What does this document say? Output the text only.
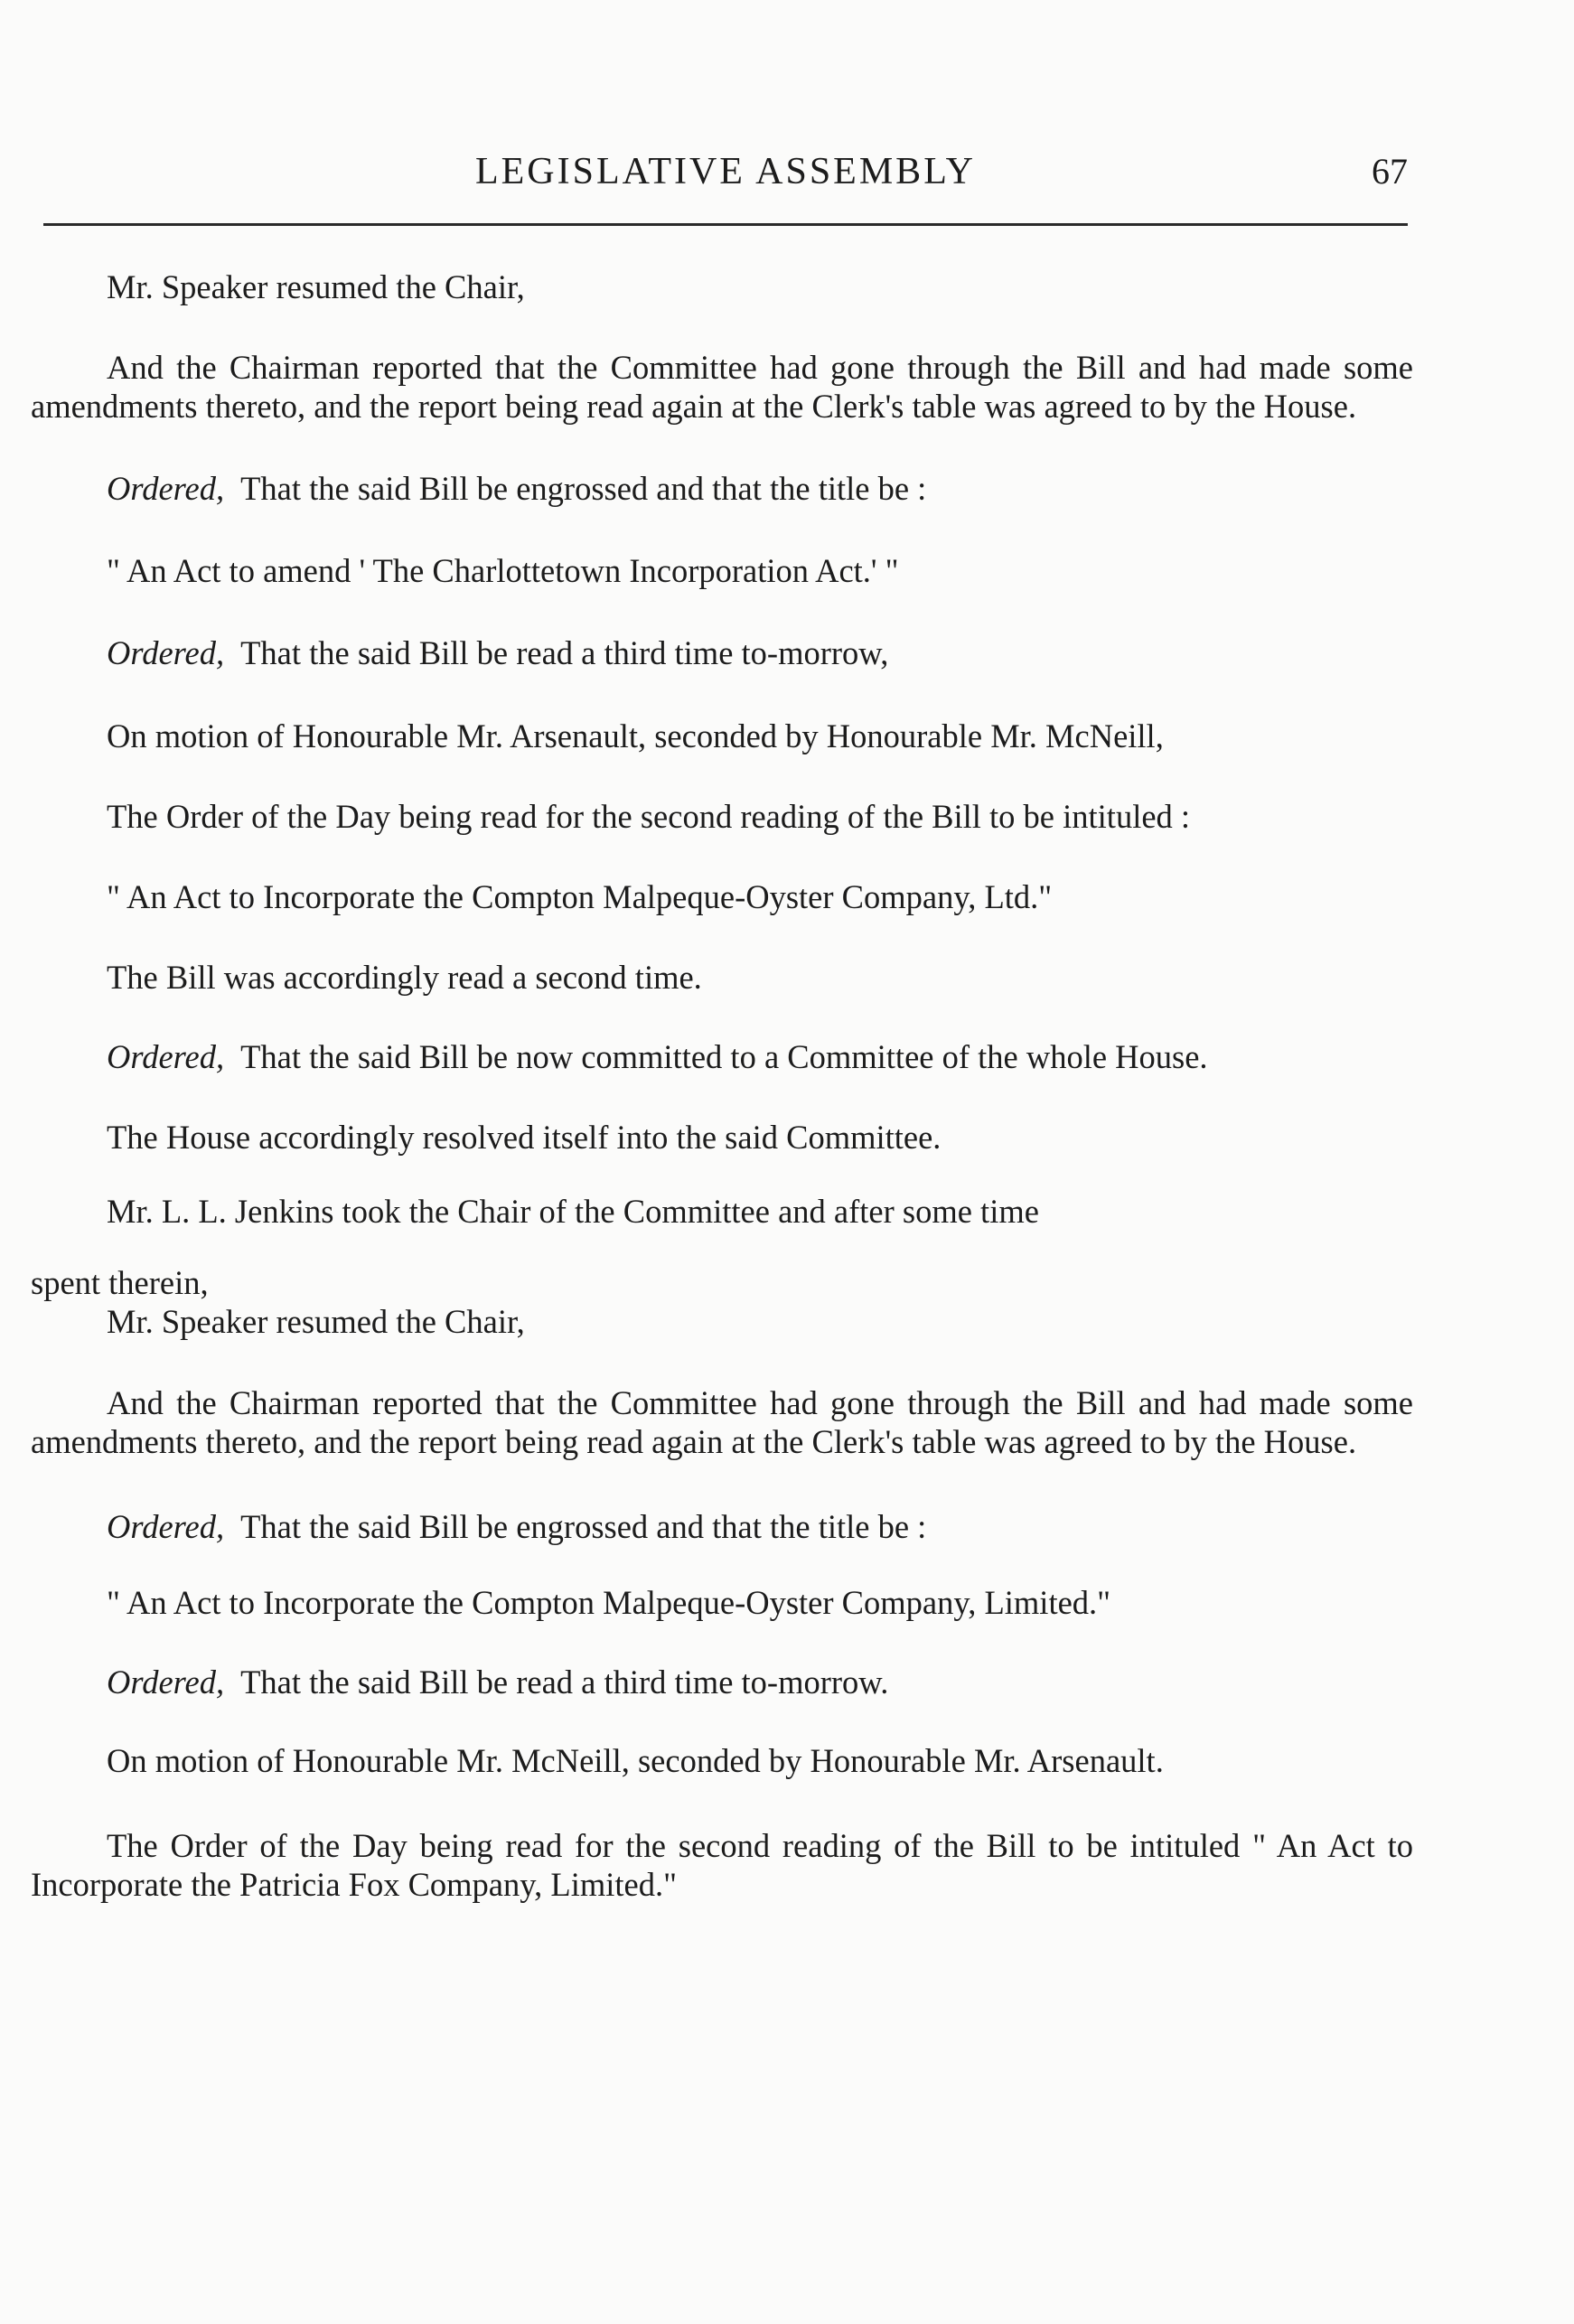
LEGISLATIVE ASSEMBLY	67

Mr. Speaker resumed the Chair,

And the Chairman reported that the Committee had gone through the Bill and had made some amendments thereto, and the report being read again at the Clerk's table was agreed to by the House.

Ordered, That the said Bill be engrossed and that the title be :

" An Act to amend ' The Charlottetown Incorporation Act.' "

Ordered, That the said Bill be read a third time to-morrow,

On motion of Honourable Mr. Arsenault, seconded by Honourable Mr. McNeill,

The Order of the Day being read for the second reading of the Bill to be intituled :

" An Act to Incorporate the Compton Malpeque-Oyster Company, Ltd."

The Bill was accordingly read a second time.

Ordered, That the said Bill be now committed to a Committee of the whole House.

The House accordingly resolved itself into the said Committee.

Mr. L. L. Jenkins took the Chair of the Committee and after some time

spent therein,

Mr. Speaker resumed the Chair,

And the Chairman reported that the Committee had gone through the Bill and had made some amendments thereto, and the report being read again at the Clerk's table was agreed to by the House.

Ordered, That the said Bill be engrossed and that the title be :

" An Act to Incorporate the Compton Malpeque-Oyster Company, Limited."

Ordered, That the said Bill be read a third time to-morrow.

On motion of Honourable Mr. McNeill, seconded by Honourable Mr. Arsenault.

The Order of the Day being read for the second reading of the Bill to be intituled " An Act to Incorporate the Patricia Fox Company, Limited."
